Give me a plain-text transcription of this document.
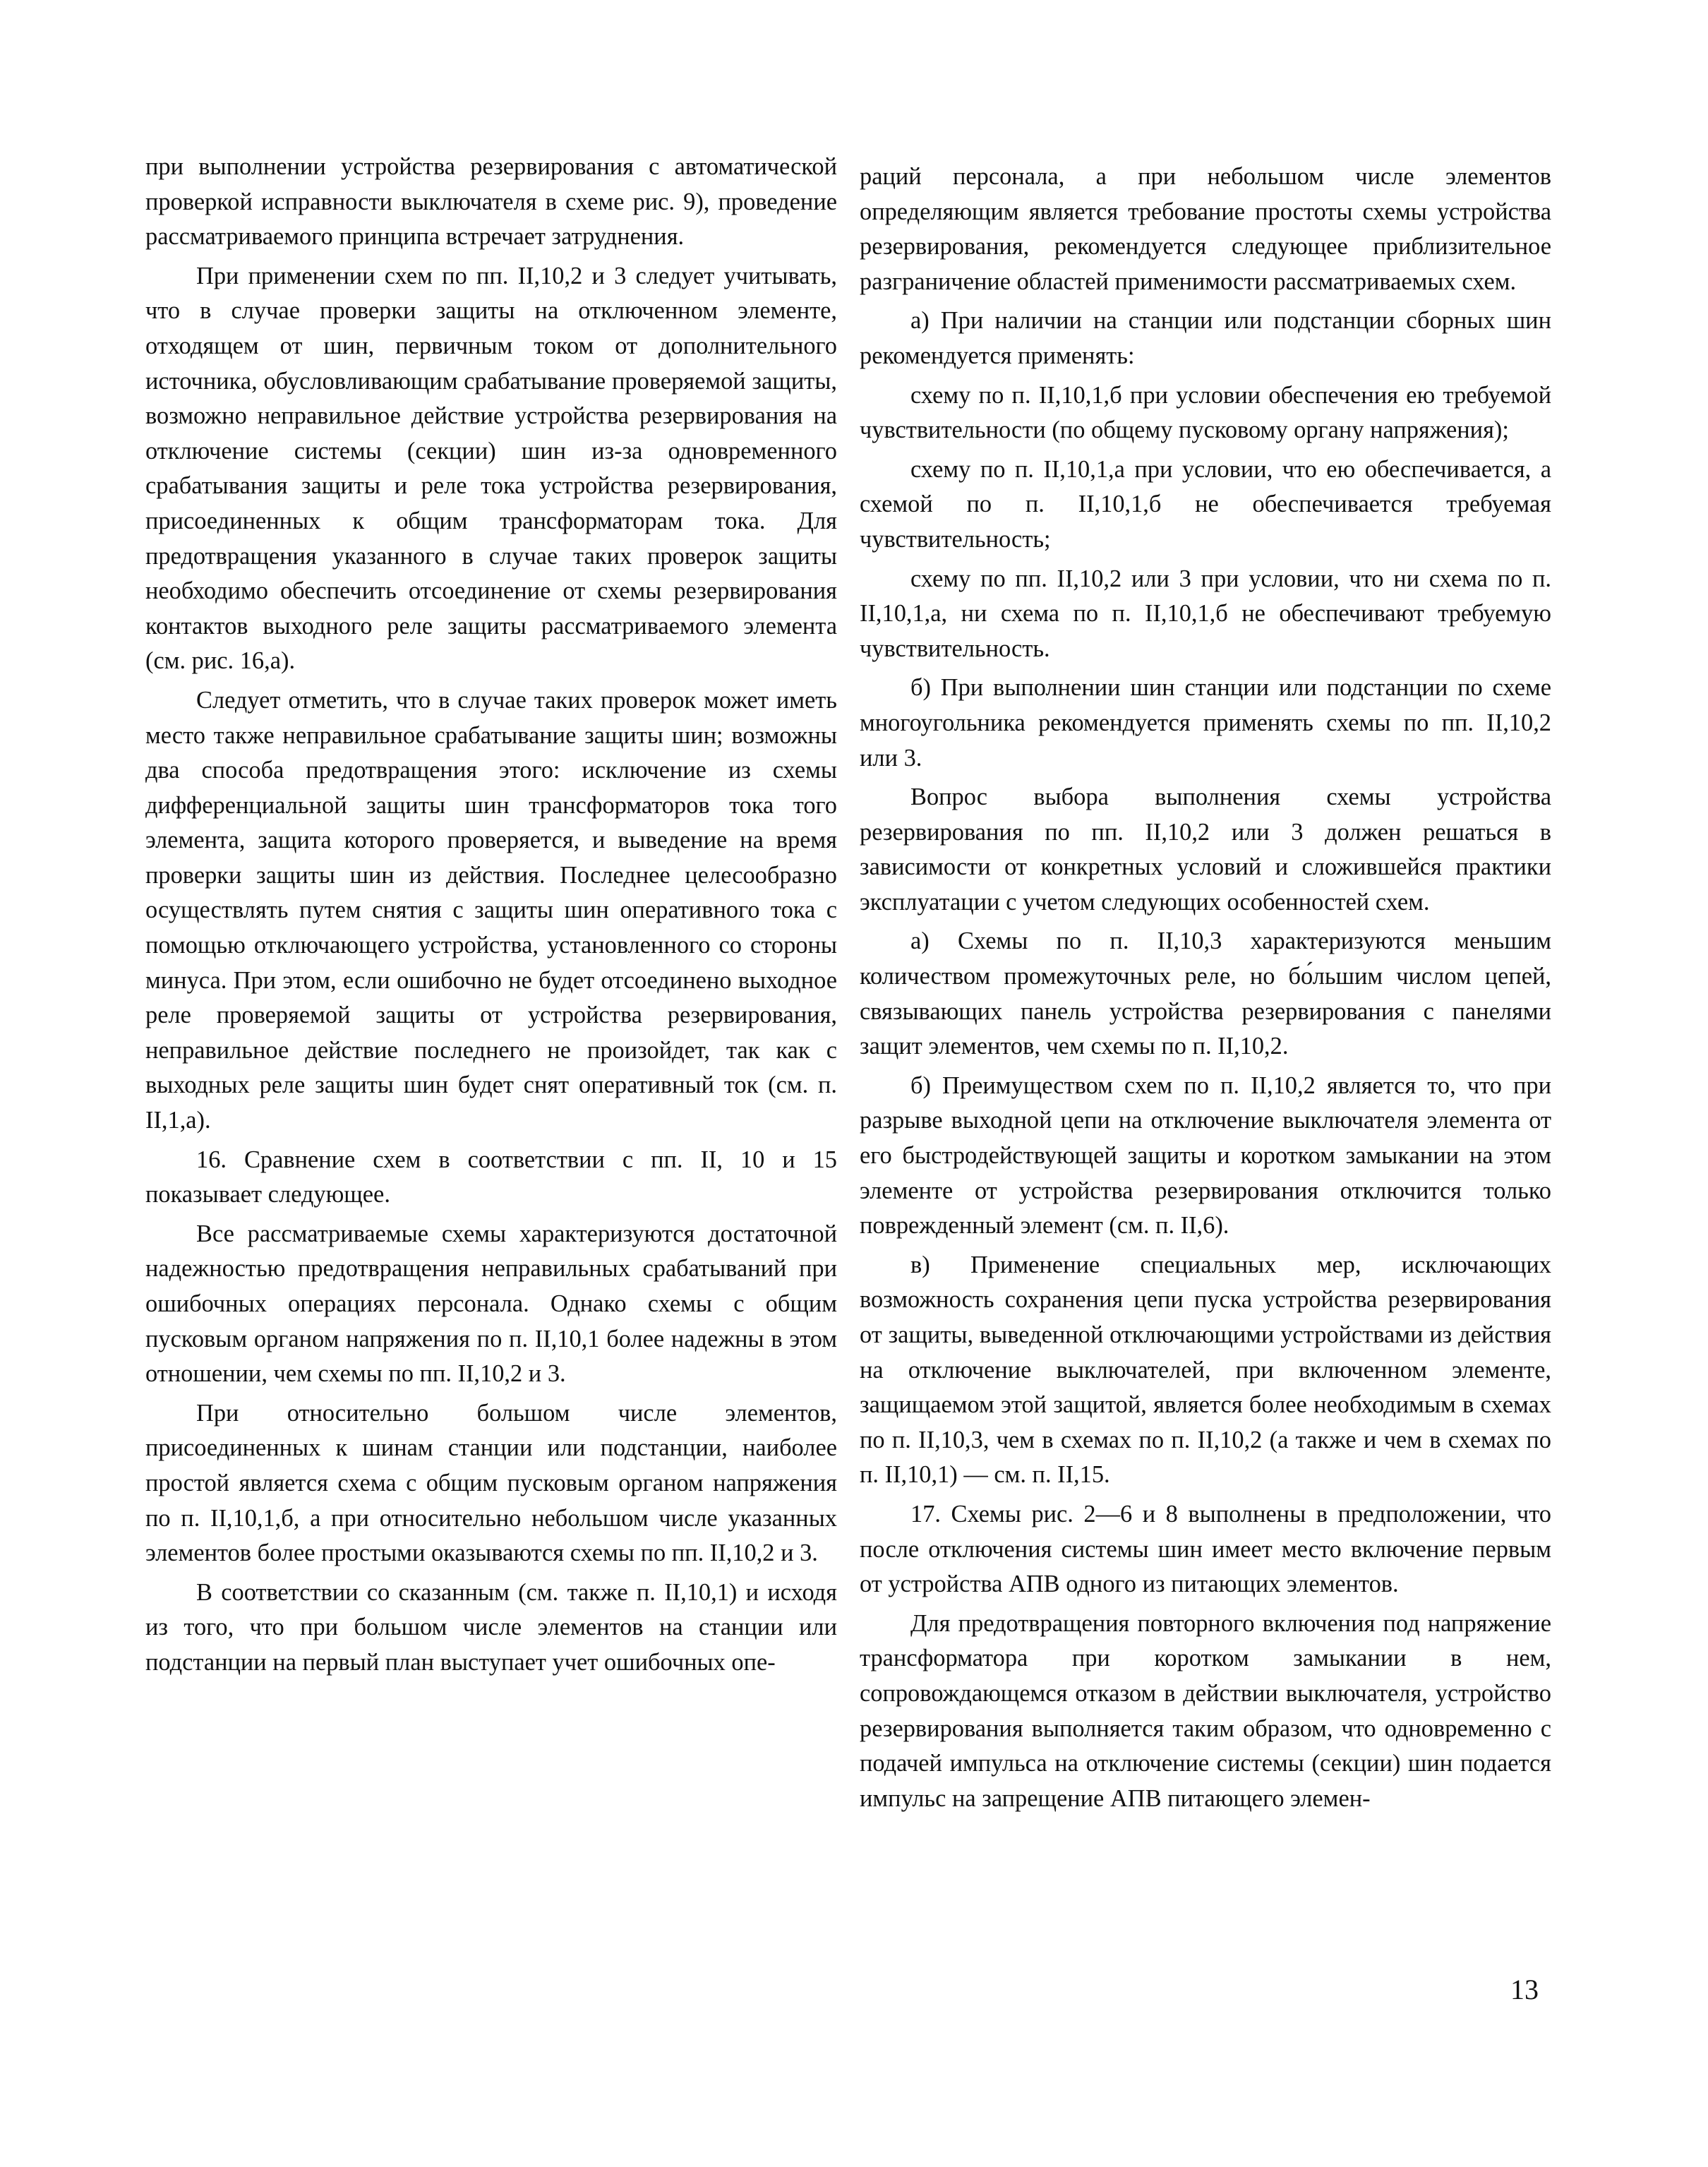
при выполнении устройства резервирования с автоматической проверкой исправности выключателя в схеме рис. 9), проведение рассматриваемого принципа встречает затруднения.

При применении схем по пп. II,10,2 и 3 следует учитывать, что в случае проверки защиты на отключенном элементе, отходящем от шин, первичным током от дополнительного источника, обусловливающим срабатывание проверяемой защиты, возможно неправильное действие устройства резервирования на отключение системы (секции) шин из-за одновременного срабатывания защиты и реле тока устройства резервирования, присоединенных к общим трансформаторам тока. Для предотвращения указанного в случае таких проверок защиты необходимо обеспечить отсоединение от схемы резервирования контактов выходного реле защиты рассматриваемого элемента (см. рис. 16,а).

Следует отметить, что в случае таких проверок может иметь место также неправильное срабатывание защиты шин; возможны два способа предотвращения этого: исключение из схемы дифференциальной защиты шин трансформаторов тока того элемента, защита которого проверяется, и выведение на время проверки защиты шин из действия. Последнее целесообразно осуществлять путем снятия с защиты шин оперативного тока с помощью отключающего устройства, установленного со стороны минуса. При этом, если ошибочно не будет отсоединено выходное реле проверяемой защиты от устройства резервирования, неправильное действие последнего не произойдет, так как с выходных реле защиты шин будет снят оперативный ток (см. п. II,1,а).

16. Сравнение схем в соответствии с пп. II, 10 и 15 показывает следующее.

Все рассматриваемые схемы характеризуются достаточной надежностью предотвращения неправильных срабатываний при ошибочных операциях персонала. Однако схемы с общим пусковым органом напряжения по п. II,10,1 более надежны в этом отношении, чем схемы по пп. II,10,2 и 3.

При относительно большом числе элементов, присоединенных к шинам станции или подстанции, наиболее простой является схема с общим пусковым органом напряжения по п. II,10,1,б, а при относительно небольшом числе указанных элементов более простыми оказываются схемы по пп. II,10,2 и 3.

В соответствии со сказанным (см. также п. II,10,1) и исходя из того, что при большом числе элементов на станции или подстанции на первый план выступает учет ошибочных опе-

раций персонала, а при небольшом числе элементов определяющим является требование простоты схемы устройства резервирования, рекомендуется следующее приблизительное разграничение областей применимости рассматриваемых схем.

а) При наличии на станции или подстанции сборных шин рекомендуется применять:

схему по п. II,10,1,б при условии обеспечения ею требуемой чувствительности (по общему пусковому органу напряжения);

схему по п. II,10,1,а при условии, что ею обеспечивается, а схемой по п. II,10,1,б не обеспечивается требуемая чувствительность;

схему по пп. II,10,2 или 3 при условии, что ни схема по п. II,10,1,а, ни схема по п. II,10,1,б не обеспечивают требуемую чувствительность.

б) При выполнении шин станции или подстанции по схеме многоугольника рекомендуется применять схемы по пп. II,10,2 или 3.

Вопрос выбора выполнения схемы устройства резервирования по пп. II,10,2 или 3 должен решаться в зависимости от конкретных условий и сложившейся практики эксплуатации с учетом следующих особенностей схем.

а) Схемы по п. II,10,3 характеризуются меньшим количеством промежуточных реле, но бо́льшим числом цепей, связывающих панель устройства резервирования с панелями защит элементов, чем схемы по п. II,10,2.

б) Преимуществом схем по п. II,10,2 является то, что при разрыве выходной цепи на отключение выключателя элемента от его быстродействующей защиты и коротком замыкании на этом элементе от устройства резервирования отключится только поврежденный элемент (см. п. II,6).

в) Применение специальных мер, исключающих возможность сохранения цепи пуска устройства резервирования от защиты, выведенной отключающими устройствами из действия на отключение выключателей, при включенном элементе, защищаемом этой защитой, является более необходимым в схемах по п. II,10,3, чем в схемах по п. II,10,2 (а также и чем в схемах по п. II,10,1) — см. п. II,15.

17. Схемы рис. 2—6 и 8 выполнены в предположении, что после отключения системы шин имеет место включение первым от устройства АПВ одного из питающих элементов.

Для предотвращения повторного включения под напряжение трансформатора при коротком замыкании в нем, сопровождающемся отказом в действии выключателя, устройство резервирования выполняется таким образом, что одновременно с подачей импульса на отключение системы (секции) шин подается импульс на запрещение АПВ питающего элемен-

13
